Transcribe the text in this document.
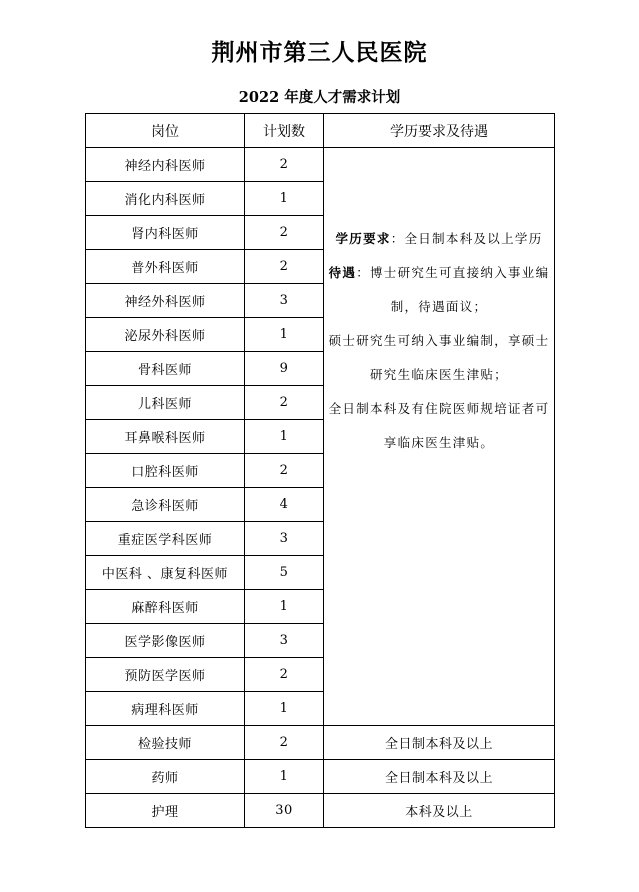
荆州市第三人民医院
2022 年度人才需求计划
岗位	计划数	学历要求及待遇
神经内科医师	2	学历要求：全日制本科及以上学历
待遇：博士研究生可直接纳入事业编制，待遇面议；
硕士研究生可纳入事业编制，享硕士研究生临床医生津贴；
全日制本科及有住院医师规培证者可享临床医生津贴。

消化内科医师	1	
肾内科医师	2	
普外科医师	2	
神经外科医师	3	
泌尿外科医师	1	
骨科医师	9	
儿科医师	2	
耳鼻喉科医师	1	
口腔科医师	2	
急诊科医师	4	
重症医学科医师	3	
中医科 、康复科医师	5	
麻醉科医师	1	
医学影像医师	3	
预防医学医师	2	
病理科医师	1	
检验技师	2	全日制本科及以上
药师	1	全日制本科及以上
护理	30	本科及以上
